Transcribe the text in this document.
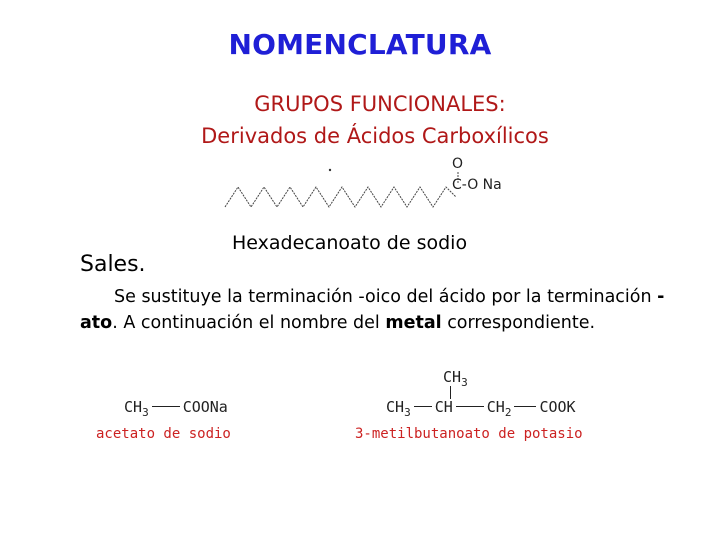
NOMENCLATURA
GRUPOS FUNCIONALES:
Derivados de Ácidos Carboxílicos
O
C-O Na
Hexadecanoato de sodio
Sales.
Se sustituye la terminación -oico del ácido por la terminación -ato. A continuación el nombre del metal correspondiente.
$CH_3$ COONa
acetato de sodio
$CH_3$
$CH_3$ CH $CH_2$ COOK
3-metilbutanoato de potasio
